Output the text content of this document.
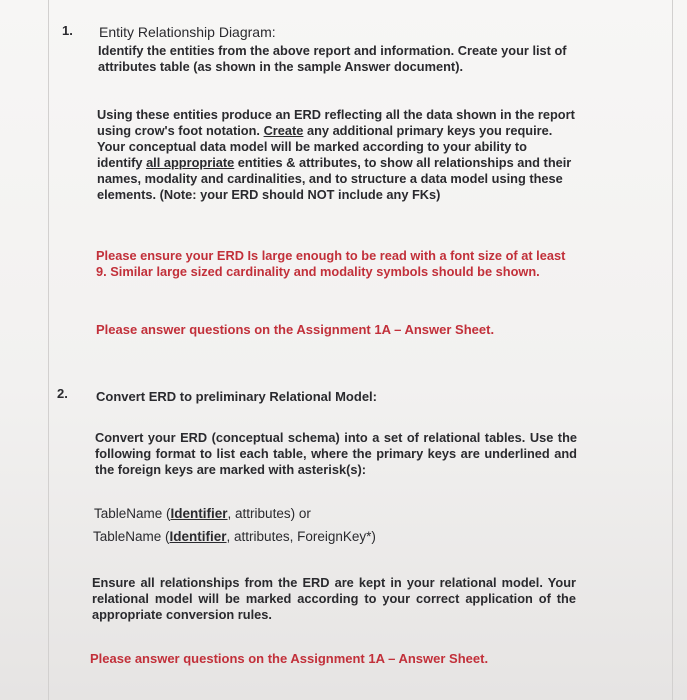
1. Entity Relationship Diagram:

Identify the entities from the above report and information. Create your list of attributes table (as shown in the sample Answer document).

Using these entities produce an ERD reflecting all the data shown in the report using crow's foot notation. Create any additional primary keys you require. Your conceptual data model will be marked according to your ability to identify all appropriate entities & attributes, to show all relationships and their names, modality and cardinalities, and to structure a data model using these elements. (Note: your ERD should NOT include any FKs)

Please ensure your ERD Is large enough to be read with a font size of at least 9. Similar large sized cardinality and modality symbols should be shown.

Please answer questions on the Assignment 1A – Answer Sheet.

2. Convert ERD to preliminary Relational Model:

Convert your ERD (conceptual schema) into a set of relational tables. Use the following format to list each table, where the primary keys are underlined and the foreign keys are marked with asterisk(s):

TableName (Identifier, attributes) or

TableName (Identifier, attributes, ForeignKey*)

Ensure all relationships from the ERD are kept in your relational model. Your relational model will be marked according to your correct application of the appropriate conversion rules.

Please answer questions on the Assignment 1A – Answer Sheet.
